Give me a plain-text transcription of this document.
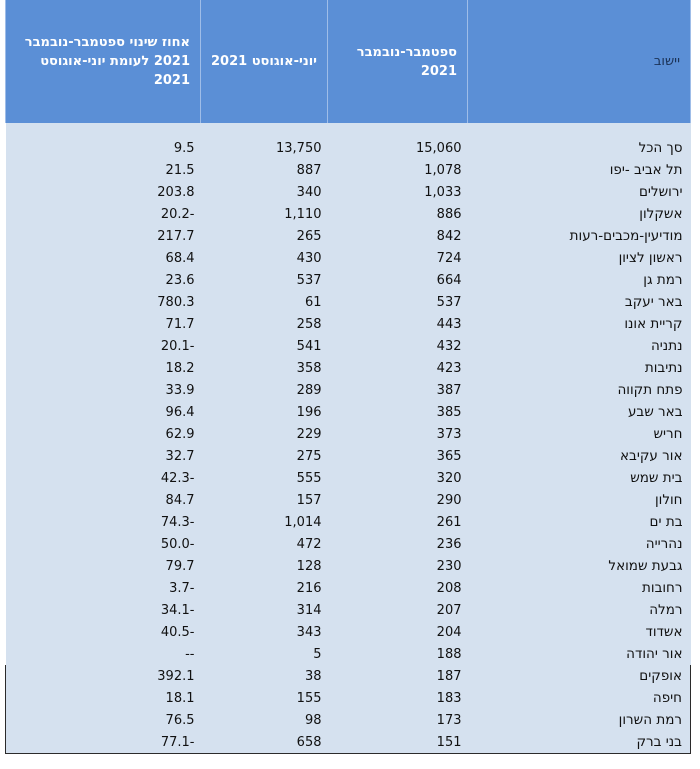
אחוז שינוי ספטמבר-נובמבר 2021 לעומת יוני-אוגוסט 2021	יוני-אוגוסט 2021	ספטמבר-נובמבר 2021	יישוב

9.5	13,750	15,060	סך הכל
21.5	887	1,078	תל אביב -יפו
203.8	340	1,033	ירושלים
20.2-	1,110	886	אשקלון
217.7	265	842	מודיעין-מכבים-רעות
68.4	430	724	ראשון לציון
23.6	537	664	רמת גן
780.3	61	537	באר יעקב
71.7	258	443	קריית אונו
20.1-	541	432	נתניה
18.2	358	423	נתיבות
33.9	289	387	פתח תקווה
96.4	196	385	באר שבע
62.9	229	373	חריש
32.7	275	365	אור עקיבא
42.3-	555	320	בית שמש
84.7	157	290	חולון
74.3-	1,014	261	בת ים
50.0-	472	236	נהרייה
79.7	128	230	גבעת שמואל
3.7-	216	208	רחובות
34.1-	314	207	רמלה
40.5-	343	204	אשדוד
--	5	188	אור יהודה
392.1	38	187	אופקים
18.1	155	183	חיפה
76.5	98	173	רמת השרון
77.1-	658	151	בני ברק
